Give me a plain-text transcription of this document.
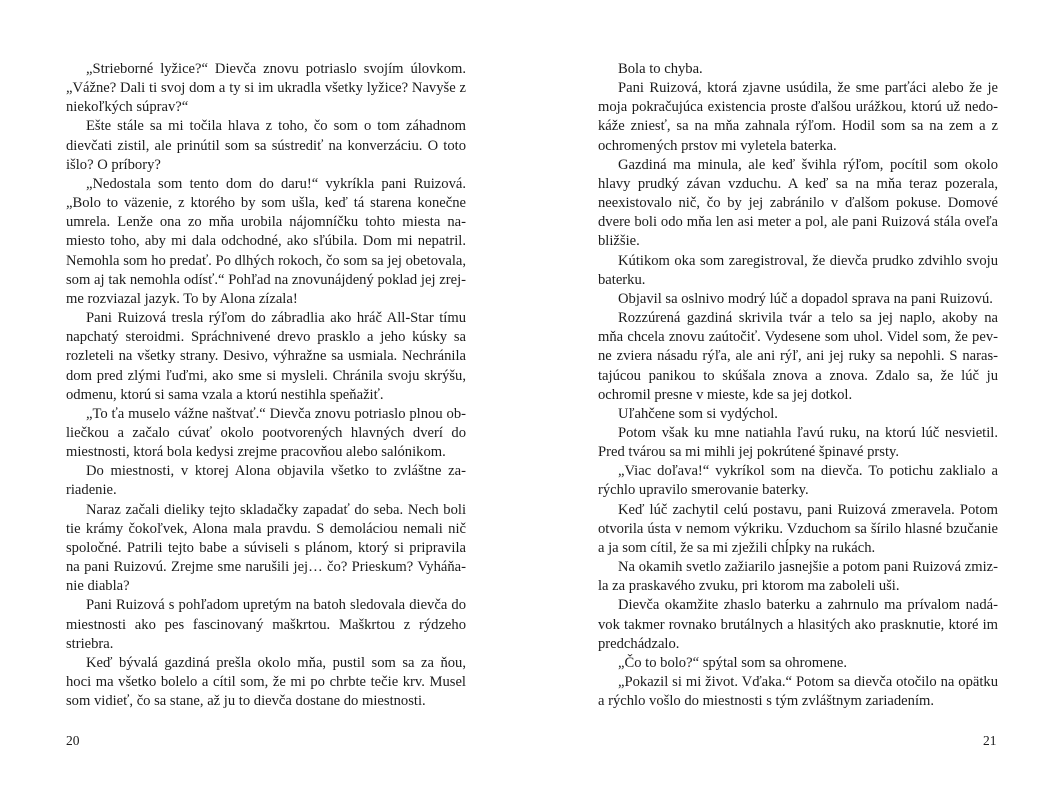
„Strieborné lyžice?“ Dievča znovu potriaslo svojím úlovkom. „Vážne? Dali ti svoj dom a ty si im ukradla všetky lyžice? Navyše z niekoľkých súprav?“

Ešte stále sa mi točila hlava z toho, čo som o tom záhadnom dievčati zistil, ale prinútil som sa sústrediť na konverzáciu. O toto išlo? O príbory?

„Nedostala som tento dom do daru!“ vykríkla pani Ruizová. „Bolo to väzenie, z ktorého by som ušla, keď tá starena konečne umrela. Lenže ona zo mňa urobila nájomníčku tohto miesta namiesto toho, aby mi dala odchodné, ako sľúbila. Dom mi nepatril. Nemohla som ho predať. Po dlhých rokoch, čo som sa jej obetovala, som aj tak nemohla odísť.“ Pohľad na znovunájdený poklad jej zrejme rozviazal jazyk. To by Alona zízala!

Pani Ruizová tresla rýľom do zábradlia ako hráč All-Star tímu napchatý steroidmi. Spráchnivené drevo prasklo a jeho kúsky sa rozleteli na všetky strany. Desivo, výhražne sa usmiala. Nechránila dom pred zlými ľuďmi, ako sme si mysleli. Chránila svoju skrýšu, odmenu, ktorú si sama vzala a ktorú nestihla speňažiť.

„To ťa muselo vážne naštvať.“ Dievča znovu potriaslo plnou obliečkou a začalo cúvať okolo pootvorených hlavných dverí do miestnosti, ktorá bola kedysi zrejme pracovňou alebo salónikom.

Do miestnosti, v ktorej Alona objavila všetko to zvláštne zariadenie.

Naraz začali dieliky tejto skladačky zapadať do seba. Nech boli tie krámy čokoľvek, Alona mala pravdu. S demoláciou nemali nič spoločné. Patrili tejto babe a súviseli s plánom, ktorý si pripravila na pani Ruizovú. Zrejme sme narušili jej… čo? Prieskum? Vyháňanie diabla?

Pani Ruizová s pohľadom upretým na batoh sledovala dievča do miestnosti ako pes fascinovaný maškrtou. Maškrtou z rýdzeho striebra.

Keď bývalá gazdiná prešla okolo mňa, pustil som sa za ňou, hoci ma všetko bolelo a cítil som, že mi po chrbte tečie krv. Musel som vidieť, čo sa stane, až ju to dievča dostane do miestnosti.

Bola to chyba.

Pani Ruizová, ktorá zjavne usúdila, že sme parťáci alebo že je moja pokračujúca existencia proste ďalšou urážkou, ktorú už nedokáže zniesť, sa na mňa zahnala rýľom. Hodil som sa na zem a z ochromených prstov mi vyletela baterka.

Gazdiná ma minula, ale keď švihla rýľom, pocítil som okolo hlavy prudký závan vzduchu. A keď sa na mňa teraz pozerala, neexistovalo nič, čo by jej zabránilo v ďalšom pokuse. Domové dvere boli odo mňa len asi meter a pol, ale pani Ruizová stála oveľa bližšie.

Kútikom oka som zaregistroval, že dievča prudko zdvihlo svoju baterku.

Objavil sa oslnivo modrý lúč a dopadol sprava na pani Ruizovú.

Rozzúrená gazdiná skrivila tvár a telo sa jej naplo, akoby na mňa chcela znovu zaútočiť. Vydesene som uhol. Videl som, že pevne zviera násadu rýľa, ale ani rýľ, ani jej ruky sa nepohli. S narastajúcou panikou to skúšala znova a znova. Zdalo sa, že lúč ju ochromil presne v mieste, kde sa jej dotkol.

Uľahčene som si vydýchol.

Potom však ku mne natiahla ľavú ruku, na ktorú lúč nesvietil. Pred tvárou sa mi mihli jej pokrútené špinavé prsty.

„Viac doľava!“ vykríkol som na dievča. To potichu zaklialo a rýchlo upravilo smerovanie baterky.

Keď lúč zachytil celú postavu, pani Ruizová zmeravela. Potom otvorila ústa v nemom výkriku. Vzduchom sa šírilo hlasné bzučanie a ja som cítil, že sa mi zježili chĺpky na rukách.

Na okamih svetlo zažiarilo jasnejšie a potom pani Ruizová zmizla za praskavého zvuku, pri ktorom ma zaboleli uši.

Dievča okamžite zhaslo baterku a zahrnulo ma prívalom nadávok takmer rovnako brutálnych a hlasitých ako prasknutie, ktoré im predchádzalo.

„Čo to bolo?“ spýtal som sa ohromene.

„Pokazil si mi život. Vďaka.“ Potom sa dievča otočilo na opätku a rýchlo vošlo do miestnosti s tým zvláštnym zariadením.

20	21
